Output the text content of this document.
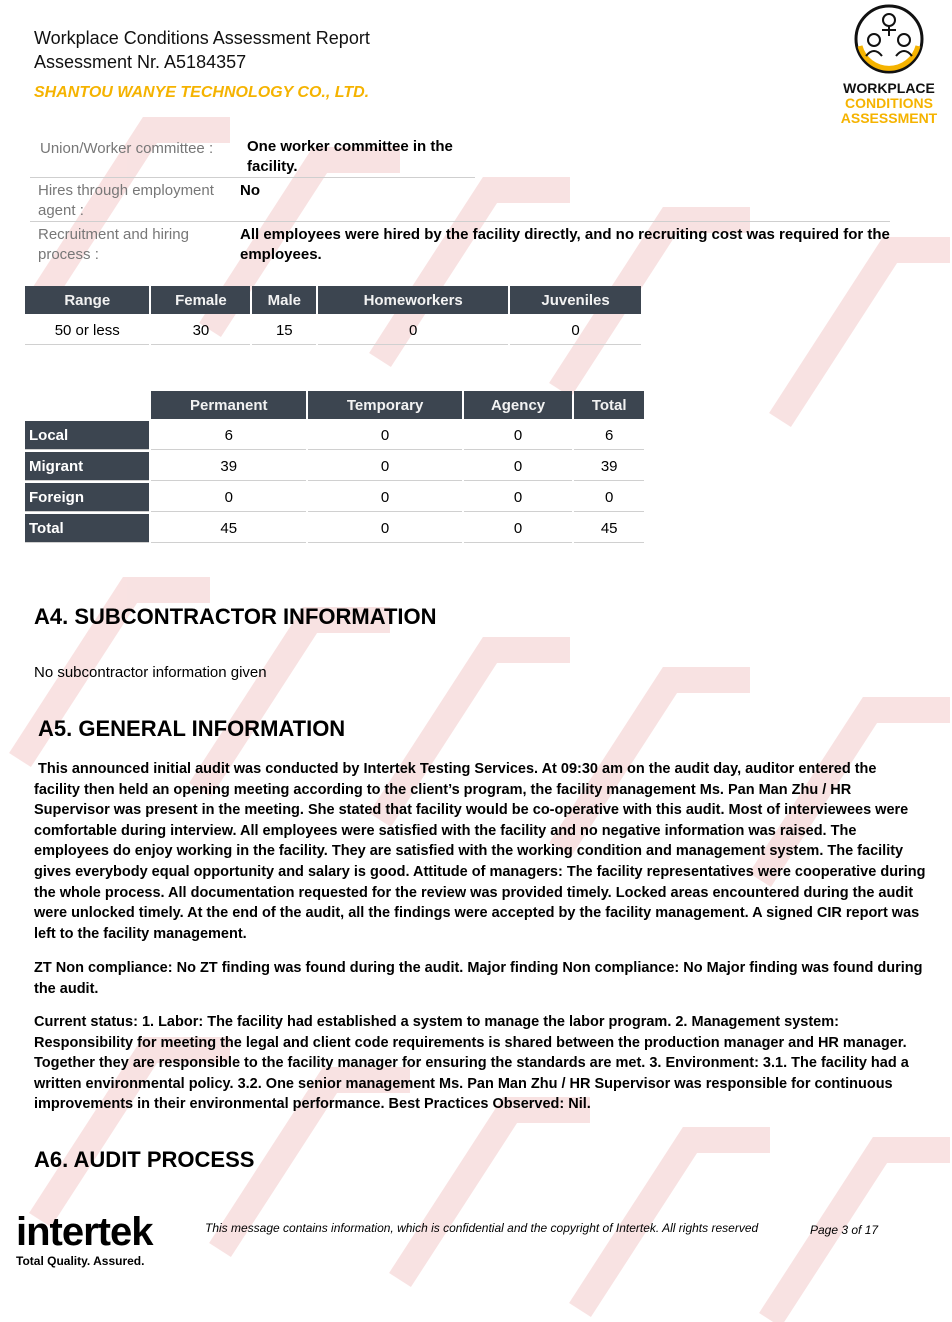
Workplace Conditions Assessment Report
Assessment Nr. A5184357
SHANTOU WANYE TECHNOLOGY CO., LTD.	WORKPLACE
CONDITIONS
ASSESSMENT
Union/Worker committee :	One worker committee in the facility.
Hires through employment agent :
No
Recruitment and hiring process :
All employees were hired by the facility directly, and no recruiting cost was required for the employees.
Range	Female	Male	Homeworkers	Juveniles
50 or less	30	15	0	0
	Permanent	Temporary	Agency	Total
Local	6	0	0	6
Migrant	39	0	0	39
Foreign	0	0	0	0
Total	45	0	0	45
A4. SUBCONTRACTOR INFORMATION
No subcontractor information given
A5. GENERAL INFORMATION
This announced initial audit was conducted by Intertek Testing Services. At 09:30 am on the audit day, auditor entered the facility then held an opening meeting according to the client’s program, the facility management Ms. Pan Man Zhu / HR Supervisor was present in the meeting. She stated that facility would be co-operative with this audit. Most of interviewees were comfortable during interview. All employees were satisfied with the facility and no negative information was raised. The employees do enjoy working in the facility. They are satisfied with the working condition and management system. The facility gives everybody equal opportunity and salary is good. Attitude of managers: The facility representatives were cooperative during the whole process. All documentation requested for the review was provided timely. Locked areas encountered during the audit were unlocked timely. At the end of the audit, all the findings were accepted by the facility management. A signed CIR report was left to the facility management.
ZT Non compliance: No ZT finding was found during the audit. Major finding Non compliance: No Major finding was found during the audit.
Current status: 1. Labor: The facility had established a system to manage the labor program. 2. Management system: Responsibility for meeting the legal and client code requirements is shared between the production manager and HR manager. Together they are responsible to the facility manager for ensuring the standards are met. 3. Environment: 3.1. The facility had a written environmental policy. 3.2. One senior management Ms. Pan Man Zhu / HR Supervisor was responsible for continuous improvements in their environmental performance. Best Practices Observed: Nil.
A6. AUDIT PROCESS
intertek
Total Quality. Assured.
This message contains information, which is confidential and the copyright of Intertek. All rights reserved	Page 3 of 17
